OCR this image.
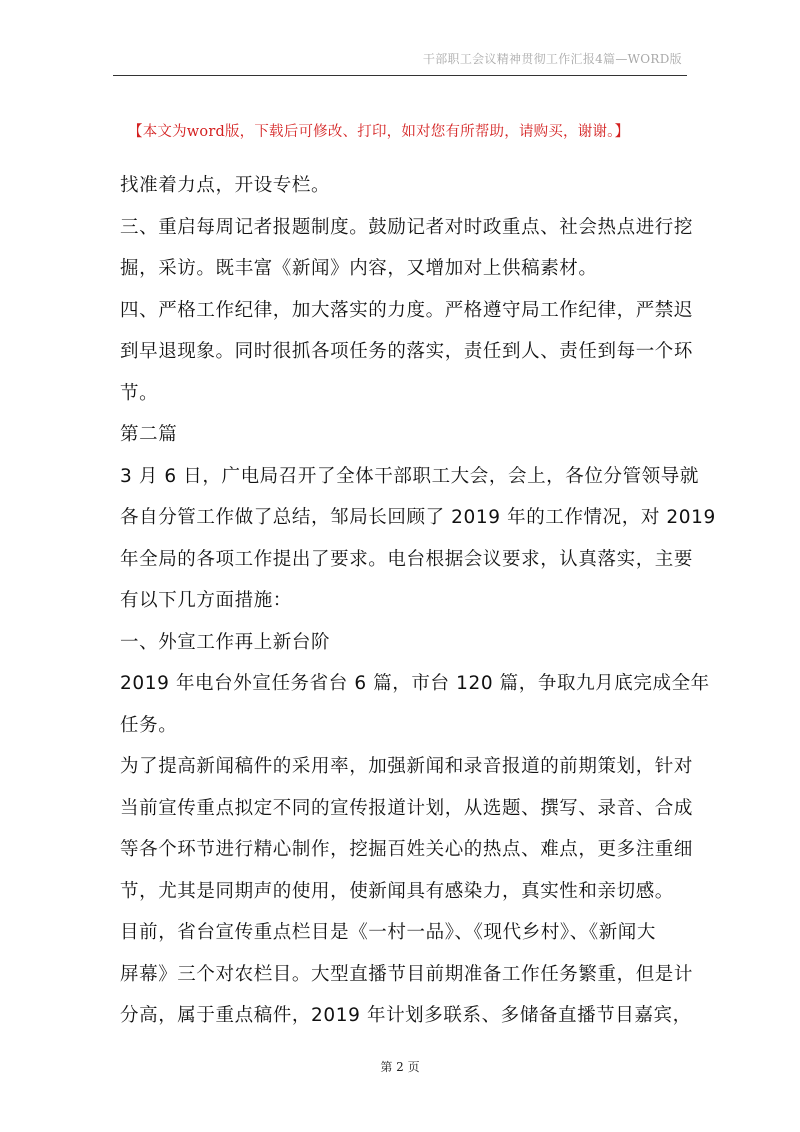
干部职工会议精神贯彻工作汇报4篇—WORD版
【本文为word版，下载后可修改、打印，如对您有所帮助，请购买，谢谢。】
找准着力点，开设专栏。
三、重启每周记者报题制度。鼓励记者对时政重点、社会热点进行挖
掘，采访。既丰富《新闻》内容，又增加对上供稿素材。
四、严格工作纪律，加大落实的力度。严格遵守局工作纪律，严禁迟
到早退现象。同时很抓各项任务的落实，责任到人、责任到每一个环
节。
第二篇
3 月 6 日，广电局召开了全体干部职工大会，会上，各位分管领导就
各自分管工作做了总结，邹局长回顾了 2019 年的工作情况，对 2019
年全局的各项工作提出了要求。电台根据会议要求，认真落实，主要
有以下几方面措施：
一、外宣工作再上新台阶
2019 年电台外宣任务省台 6 篇，市台 120 篇，争取九月底完成全年
任务。
为了提高新闻稿件的采用率，加强新闻和录音报道的前期策划，针对
当前宣传重点拟定不同的宣传报道计划，从选题、撰写、录音、合成
等各个环节进行精心制作，挖掘百姓关心的热点、难点，更多注重细
节，尤其是同期声的使用，使新闻具有感染力，真实性和亲切感。
目前，省台宣传重点栏目是《一村一品》、《现代乡村》、《新闻大
屏幕》三个对农栏目。大型直播节目前期准备工作任务繁重，但是计
分高，属于重点稿件，2019 年计划多联系、多储备直播节目嘉宾，
第 2 页
